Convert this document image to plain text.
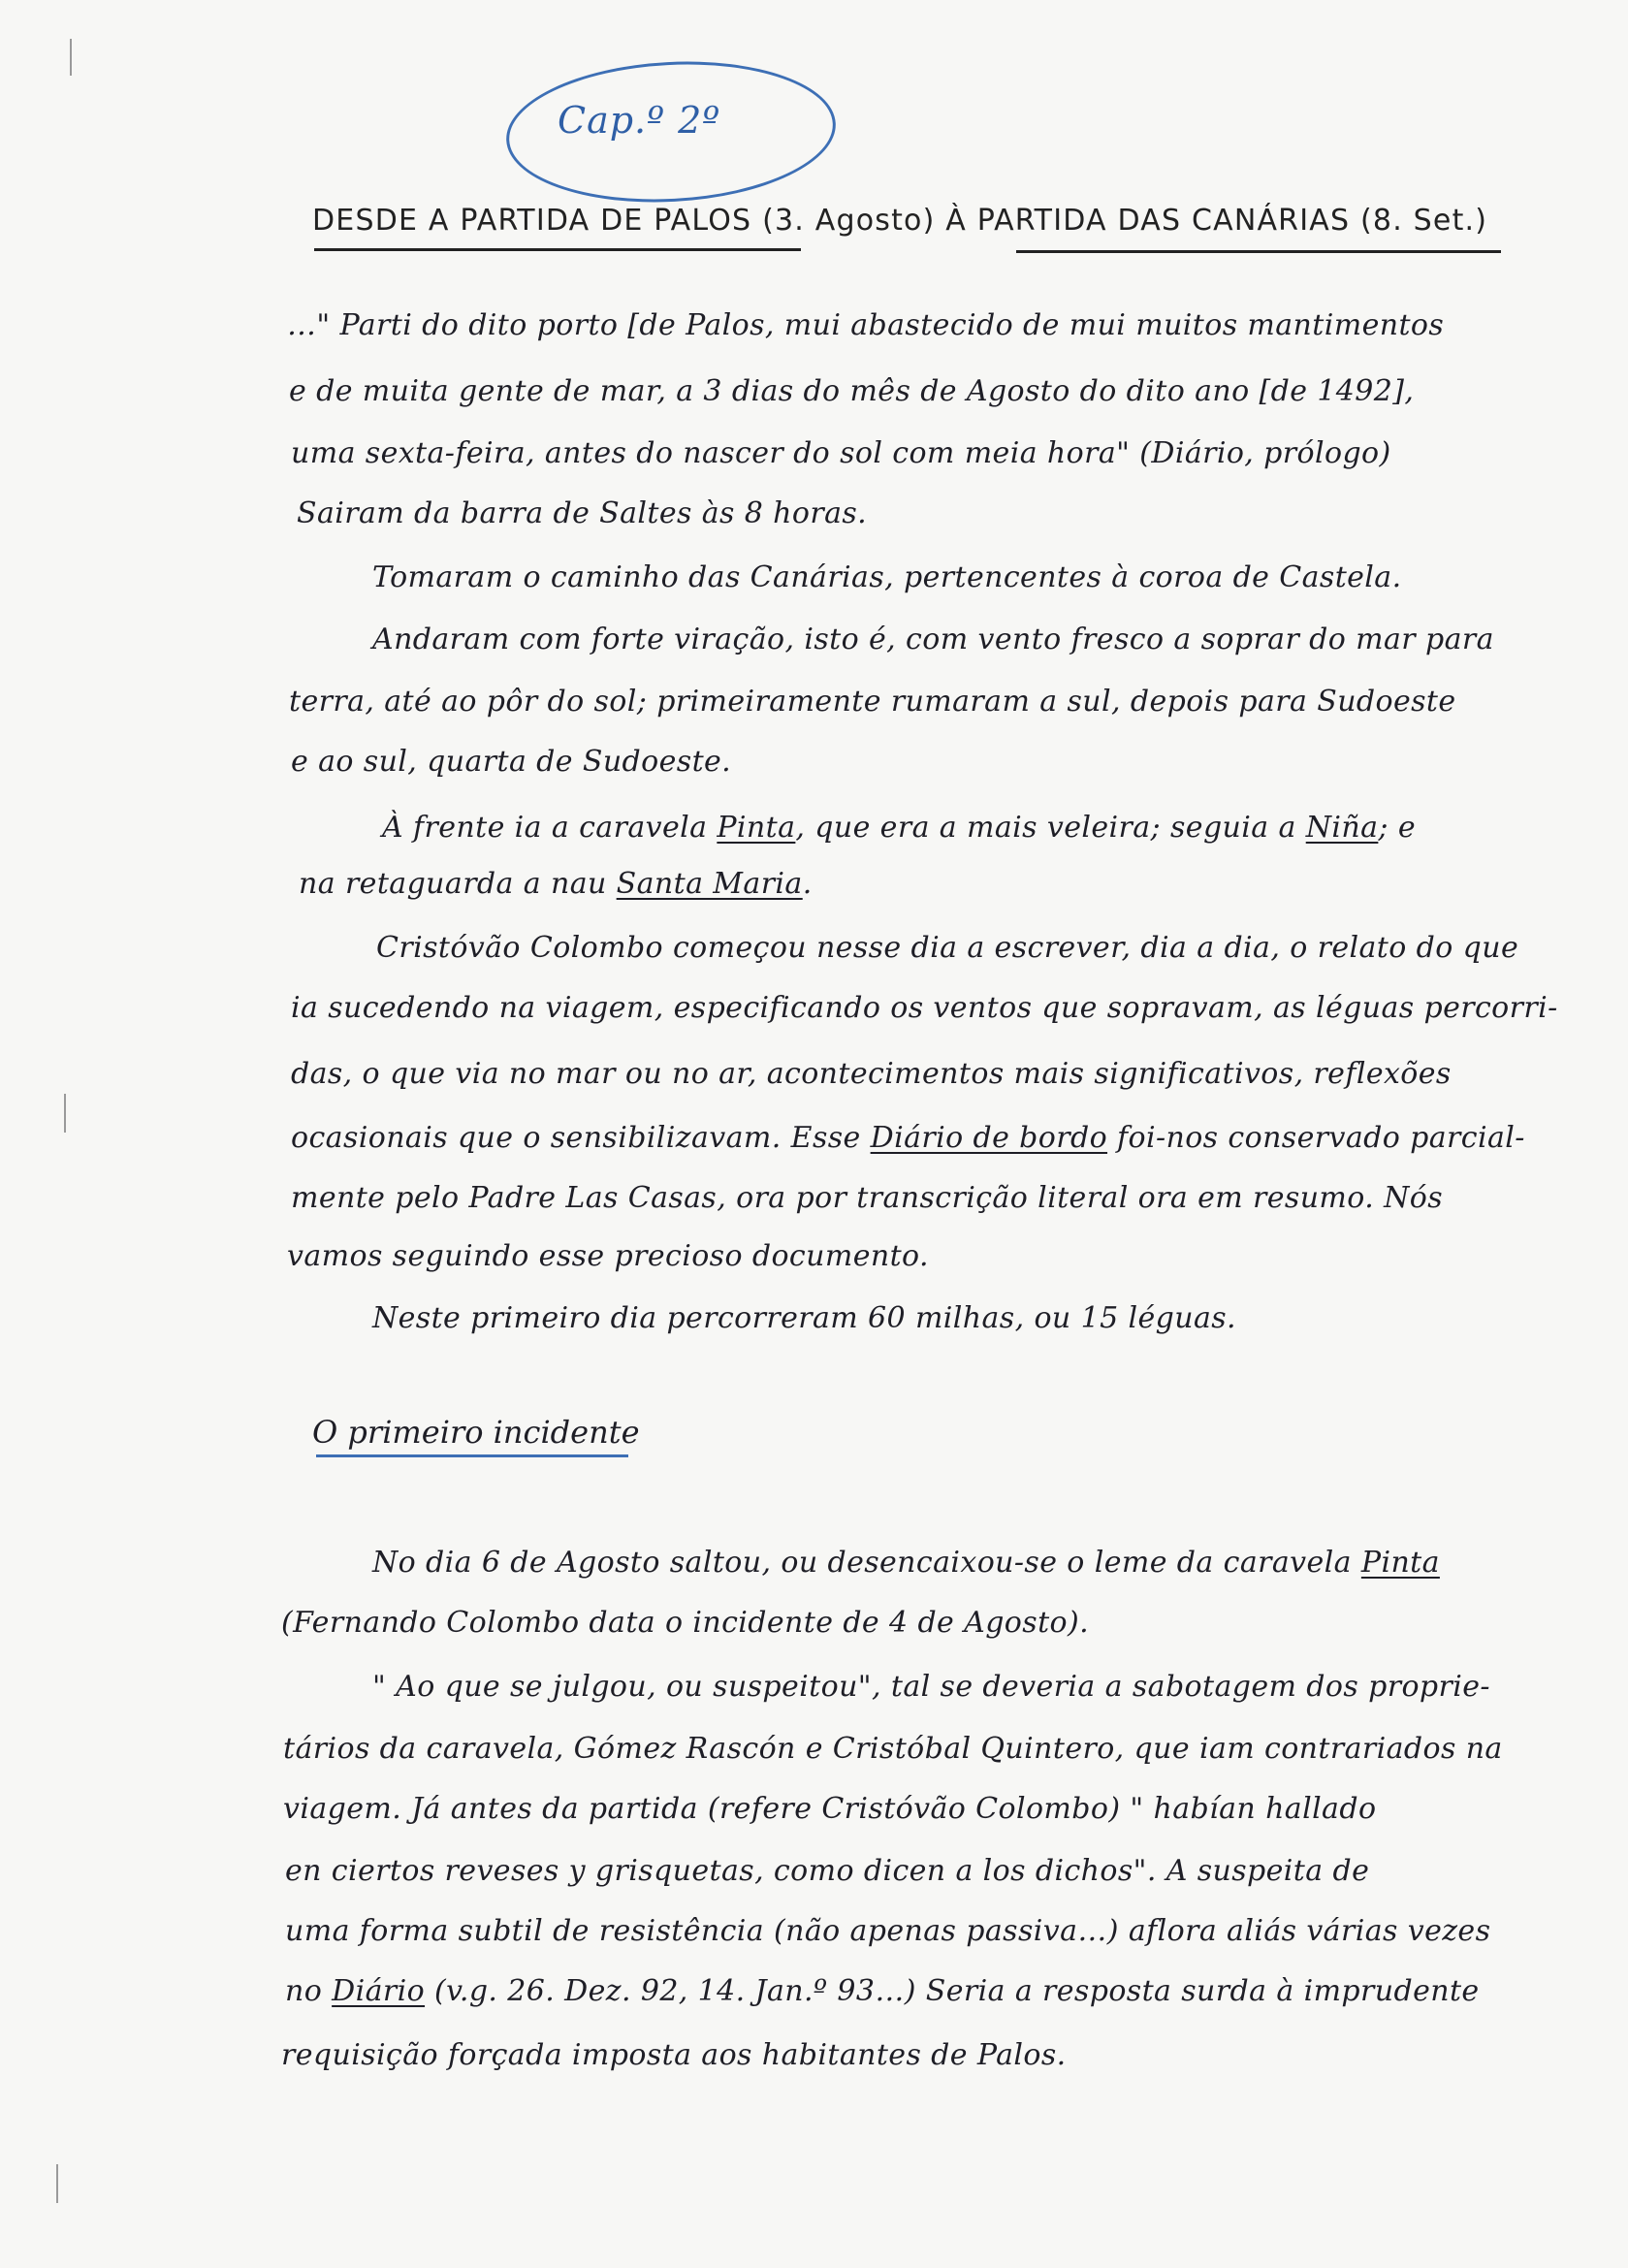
Cap.º 2º
DESDE A PARTIDA DE PALOS (3. Agosto) À PARTIDA DAS CANÁRIAS (8. Set.)
…" Parti do dito porto [de Palos, mui abastecido de mui muitos mantimentos
e de muita gente de mar, a 3 dias do mês de Agosto do dito ano [de 1492],
uma sexta-feira, antes do nascer do sol com meia hora" (Diário, prólogo)
Sairam da barra de Saltes às 8 horas.
Tomaram o caminho das Canárias, pertencentes à coroa de Castela.
Andaram com forte viração, isto é, com vento fresco a soprar do mar para
terra, até ao pôr do sol; primeiramente rumaram a sul, depois para Sudoeste
e ao sul, quarta de Sudoeste.
À frente ia a caravela Pinta, que era a mais veleira; seguia a Niña; e
na retaguarda a nau Santa Maria.
Cristóvão Colombo começou nesse dia a escrever, dia a dia, o relato do que
ia sucedendo na viagem, especificando os ventos que sopravam, as léguas percorri-
das, o que via no mar ou no ar, acontecimentos mais significativos, reflexões
ocasionais que o sensibilizavam. Esse Diário de bordo foi-nos conservado parcial-
mente pelo Padre Las Casas, ora por transcrição literal ora em resumo. Nós
vamos seguindo esse precioso documento.
Neste primeiro dia percorreram 60 milhas, ou 15 léguas.
O primeiro incidente
No dia 6 de Agosto saltou, ou desencaixou-se o leme da caravela Pinta
(Fernando Colombo data o incidente de 4 de Agosto).
" Ao que se julgou, ou suspeitou", tal se deveria a sabotagem dos proprie-
tários da caravela, Gómez Rascón e Cristóbal Quintero, que iam contrariados na
viagem. Já antes da partida (refere Cristóvão Colombo) " habían hallado
en ciertos reveses y grisquetas, como dicen a los dichos". A suspeita de
uma forma subtil de resistência (não apenas passiva…) aflora aliás várias vezes
no Diário (v.g. 26. Dez. 92, 14. Jan.º 93…) Seria a resposta surda à imprudente
requisição forçada imposta aos habitantes de Palos.
